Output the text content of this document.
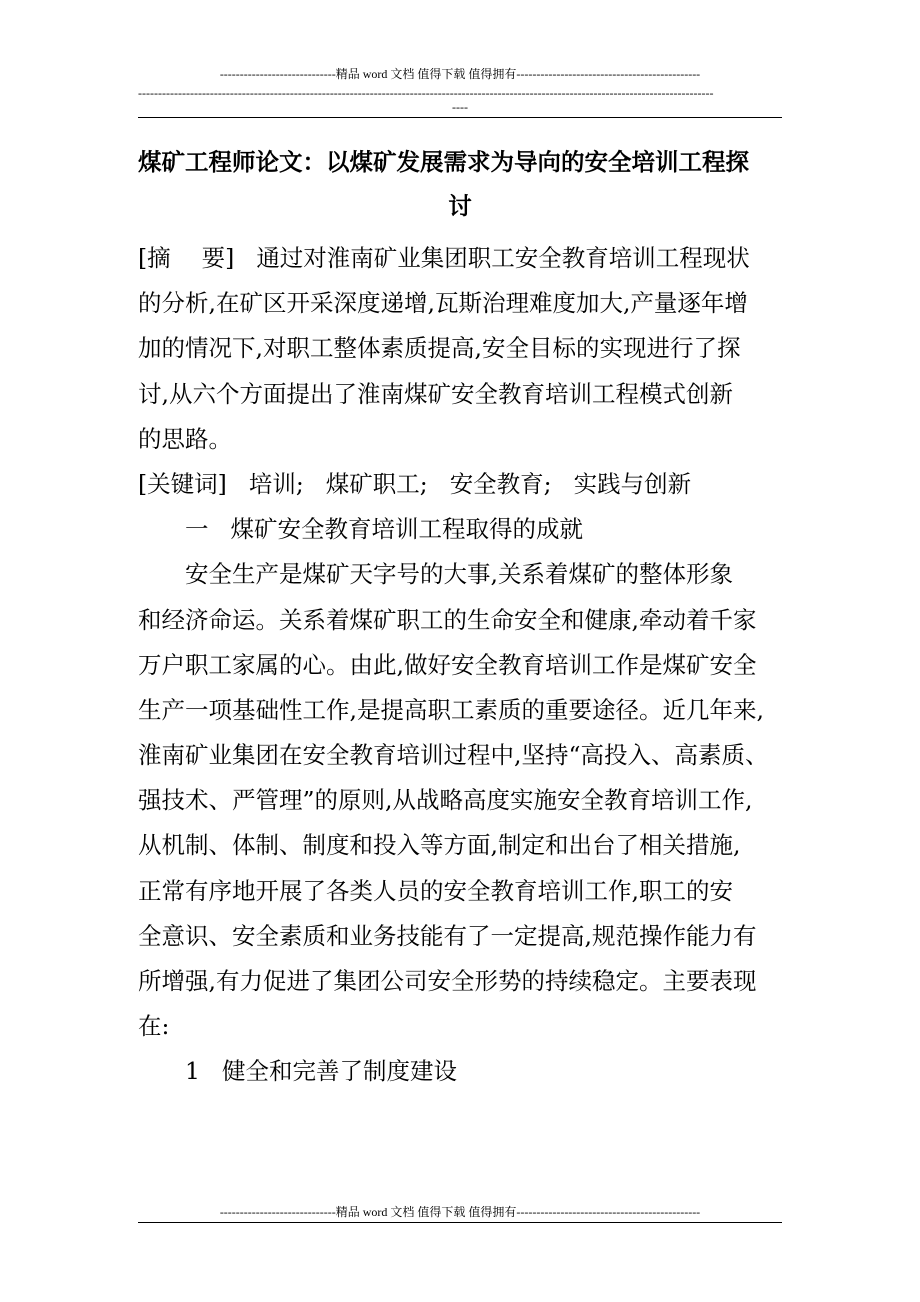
-----------------------------精品 word 文档 值得下载 值得拥有----------------------------------------------
------------------------------------------------------------------------------------------------------------------------------------------------
----
煤矿工程师论文：以煤矿发展需求为导向的安全培训工程探
讨
[摘　 要] 通过对淮南矿业集团职工安全教育培训工程现状
的分析,在矿区开采深度递增,瓦斯治理难度加大,产量逐年增
加的情况下,对职工整体素质提高,安全目标的实现进行了探
讨,从六个方面提出了淮南煤矿安全教育培训工程模式创新
的思路。
[关键词] 培训; 煤矿职工; 安全教育; 实践与创新
一 煤矿安全教育培训工程取得的成就
安全生产是煤矿天字号的大事,关系着煤矿的整体形象
和经济命运。关系着煤矿职工的生命安全和健康,牵动着千家
万户职工家属的心。由此,做好安全教育培训工作是煤矿安全
生产一项基础性工作,是提高职工素质的重要途径。近几年来,
淮南矿业集团在安全教育培训过程中,坚持“高投入、高素质、
强技术、严管理”的原则,从战略高度实施安全教育培训工作,
从机制、体制、制度和投入等方面,制定和出台了相关措施,
正常有序地开展了各类人员的安全教育培训工作,职工的安
全意识、安全素质和业务技能有了一定提高,规范操作能力有
所增强,有力促进了集团公司安全形势的持续稳定。主要表现
在:
1 健全和完善了制度建设
-----------------------------精品 word 文档 值得下载 值得拥有----------------------------------------------
